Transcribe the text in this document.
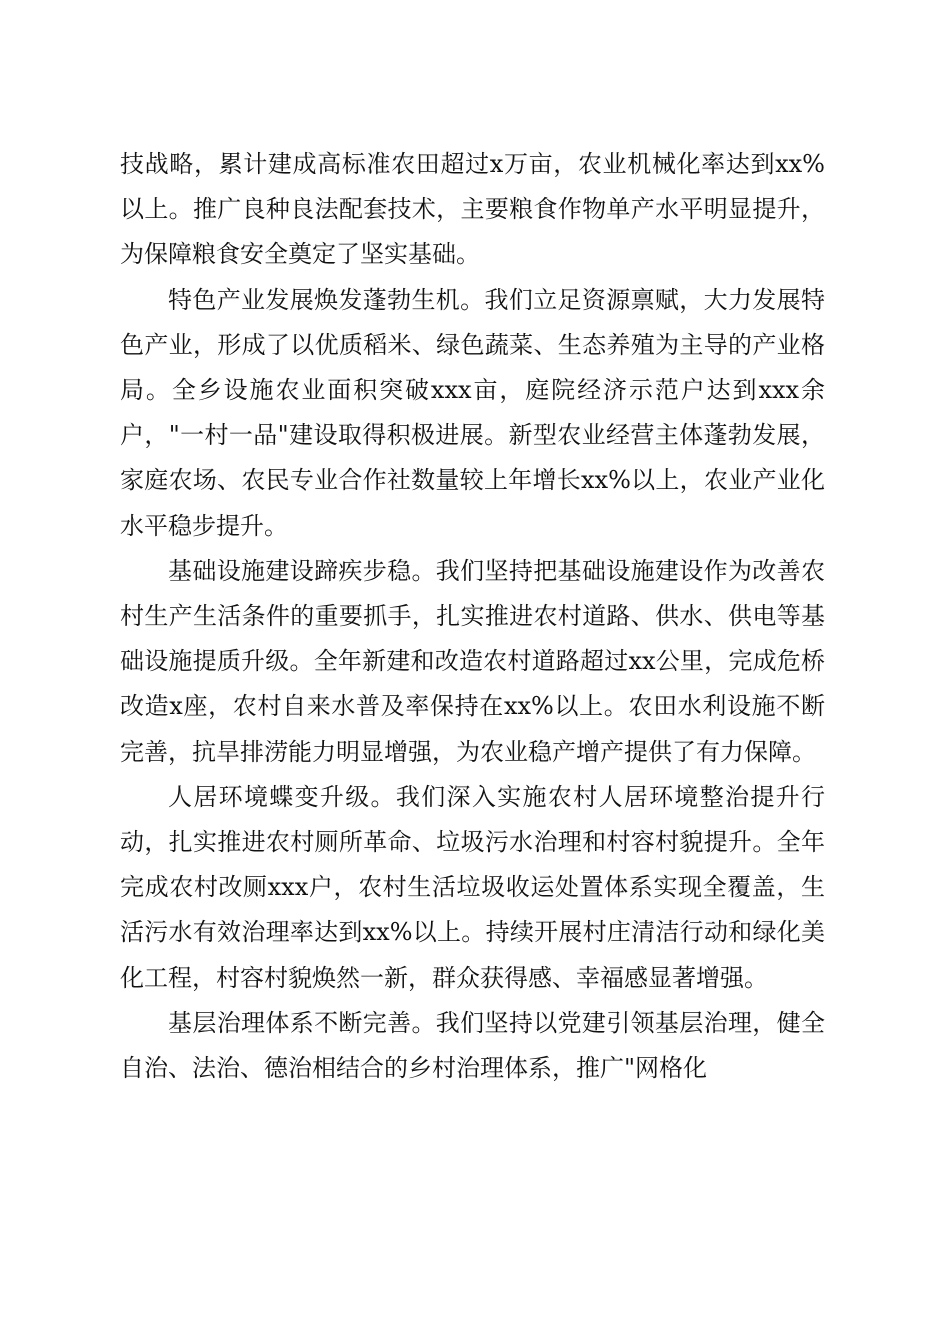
技战略，累计建成高标准农田超过x万亩，农业机械化率达到xx%以上。推广良种良法配套技术，主要粮食作物单产水平明显提升，为保障粮食安全奠定了坚实基础。

特色产业发展焕发蓬勃生机。我们立足资源禀赋，大力发展特色产业，形成了以优质稻米、绿色蔬菜、生态养殖为主导的产业格局。全乡设施农业面积突破xxx亩，庭院经济示范户达到xxx余户，"一村一品"建设取得积极进展。新型农业经营主体蓬勃发展，家庭农场、农民专业合作社数量较上年增长xx%以上，农业产业化水平稳步提升。

基础设施建设蹄疾步稳。我们坚持把基础设施建设作为改善农村生产生活条件的重要抓手，扎实推进农村道路、供水、供电等基础设施提质升级。全年新建和改造农村道路超过xx公里，完成危桥改造x座，农村自来水普及率保持在xx%以上。农田水利设施不断完善，抗旱排涝能力明显增强，为农业稳产增产提供了有力保障。

人居环境蝶变升级。我们深入实施农村人居环境整治提升行动，扎实推进农村厕所革命、垃圾污水治理和村容村貌提升。全年完成农村改厕xxx户，农村生活垃圾收运处置体系实现全覆盖，生活污水有效治理率达到xx%以上。持续开展村庄清洁行动和绿化美化工程，村容村貌焕然一新，群众获得感、幸福感显著增强。

基层治理体系不断完善。我们坚持以党建引领基层治理，健全自治、法治、德治相结合的乡村治理体系，推广"网格化
